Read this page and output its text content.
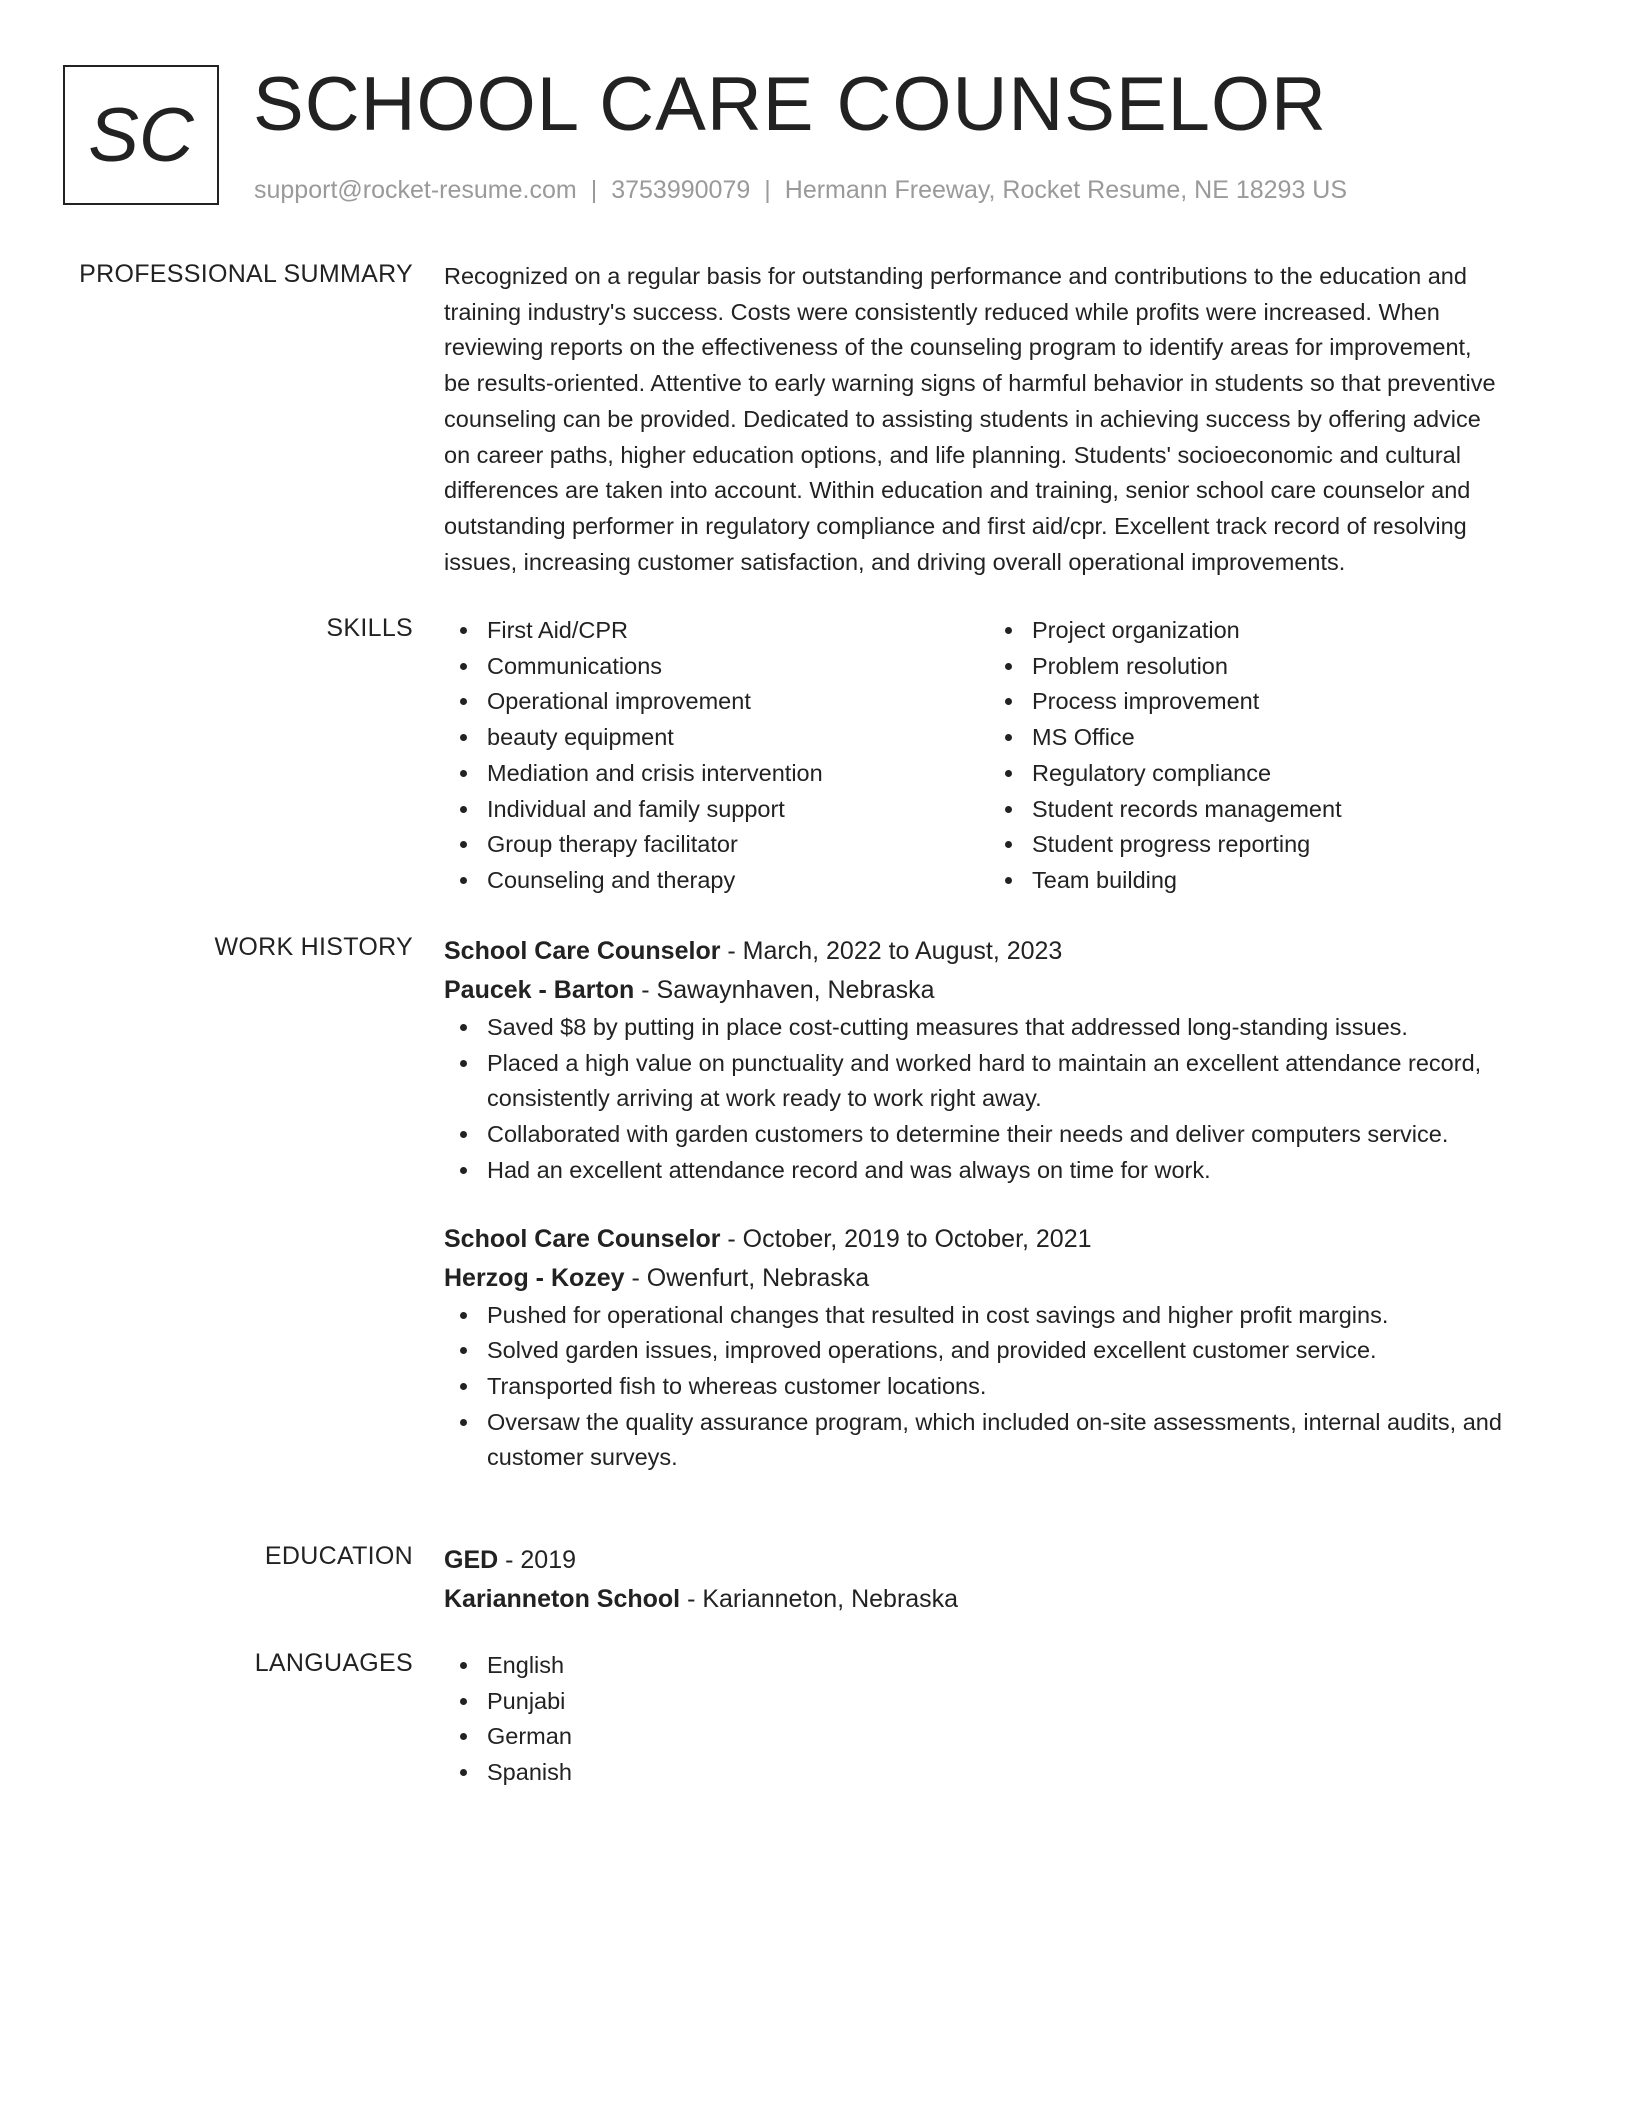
SC SCHOOL CARE COUNSELOR
support@rocket-resume.com | 3753990079 | Hermann Freeway, Rocket Resume, NE 18293 US
PROFESSIONAL SUMMARY Recognized on a regular basis for outstanding performance and contributions to the education and
training industry's success. Costs were consistently reduced while profits were increased. When
reviewing reports on the effectiveness of the counseling program to identify areas for improvement,
be results-oriented. Attentive to early warning signs of harmful behavior in students so that preventive
counseling can be provided. Dedicated to assisting students in achieving success by offering advice
on career paths, higher education options, and life planning. Students' socioeconomic and cultural
differences are taken into account. Within education and training, senior school care counselor and
outstanding performer in regulatory compliance and first aid/cpr. Excellent track record of resolving
issues, increasing customer satisfaction, and driving overall operational improvements.

SKILLS	First Aid/CPR
Communications
Operational improvement
beauty equipment
Mediation and crisis intervention
Individual and family support
Group therapy facilitator
Counseling and therapy
Project organization
Problem resolution
Process improvement
MS Office
Regulatory compliance
Student records management
Student progress reporting
Team building
WORK HISTORY School Care Counselor - March, 2022 to August, 2023
Paucek - Barton - Sawaynhaven, Nebraska
Saved $8 by putting in place cost-cutting measures that addressed long-standing issues.
Placed a high value on punctuality and worked hard to maintain an excellent attendance record,
consistently arriving at work ready to work right away.
Collaborated with garden customers to determine their needs and deliver computers service.
Had an excellent attendance record and was always on time for work.
School Care Counselor - October, 2019 to October, 2021
Herzog - Kozey - Owenfurt, Nebraska
Pushed for operational changes that resulted in cost savings and higher profit margins.
Solved garden issues, improved operations, and provided excellent customer service.
Transported fish to whereas customer locations.
Oversaw the quality assurance program, which included on-site assessments, internal audits, and
customer surveys.
EDUCATION GED - 2019
Karianneton School - Karianneton, Nebraska
LANGUAGES	English
Punjabi
German
Spanish
